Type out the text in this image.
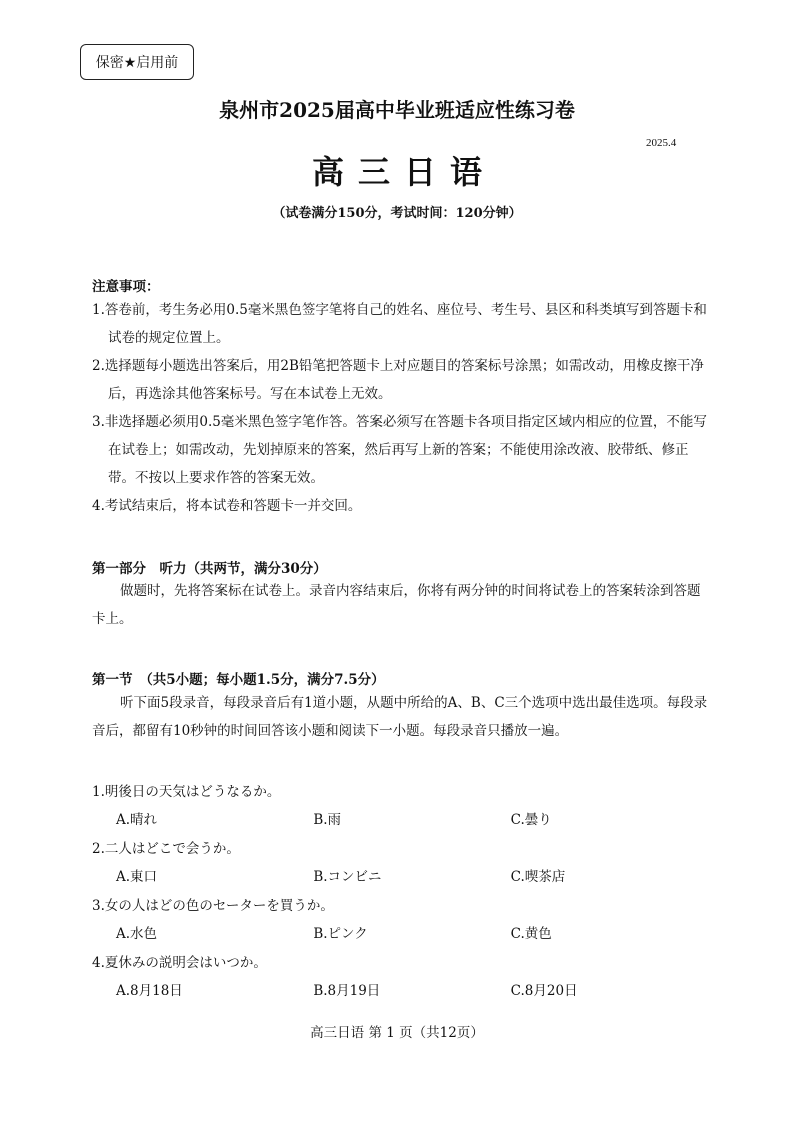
保密★启用前
泉州市2025届高中毕业班适应性练习卷
2025.4
高三日语
（试卷满分150分，考试时间：120分钟）
注意事项：
1.答卷前，考生务必用0.5毫米黑色签字笔将自己的姓名、座位号、考生号、县区和科类填写到答题卡和试卷的规定位置上。
2.选择题每小题选出答案后，用2B铅笔把答题卡上对应题目的答案标号涂黑；如需改动，用橡皮擦干净后，再选涂其他答案标号。写在本试卷上无效。
3.非选择题必须用0.5毫米黑色签字笔作答。答案必须写在答题卡各项目指定区域内相应的位置，不能写在试卷上；如需改动，先划掉原来的答案，然后再写上新的答案；不能使用涂改液、胶带纸、修正带。不按以上要求作答的答案无效。
4.考试结束后，将本试卷和答题卡一并交回。
第一部分　听力（共两节，满分30分）
做题时，先将答案标在试卷上。录音内容结束后，你将有两分钟的时间将试卷上的答案转涂到答题卡上。
第一节　（共5小题；每小题1.5分，满分7.5分）
听下面5段录音，每段录音后有1道小题，从题中所给的A、B、C三个选项中选出最佳选项。每段录音后，都留有10秒钟的时间回答该小题和阅读下一小题。每段录音只播放一遍。
1.明後日の天気はどうなるか。
A.晴れ	B.雨	C.曇り
2.二人はどこで会うか。
A.東口	B.コンビニ	C.喫茶店
3.女の人はどの色のセーターを買うか。
A.水色	B.ピンク	C.黄色
4.夏休みの説明会はいつか。
A.8月18日	B.8月19日	C.8月20日
高三日语 第 1 页（共12页）
